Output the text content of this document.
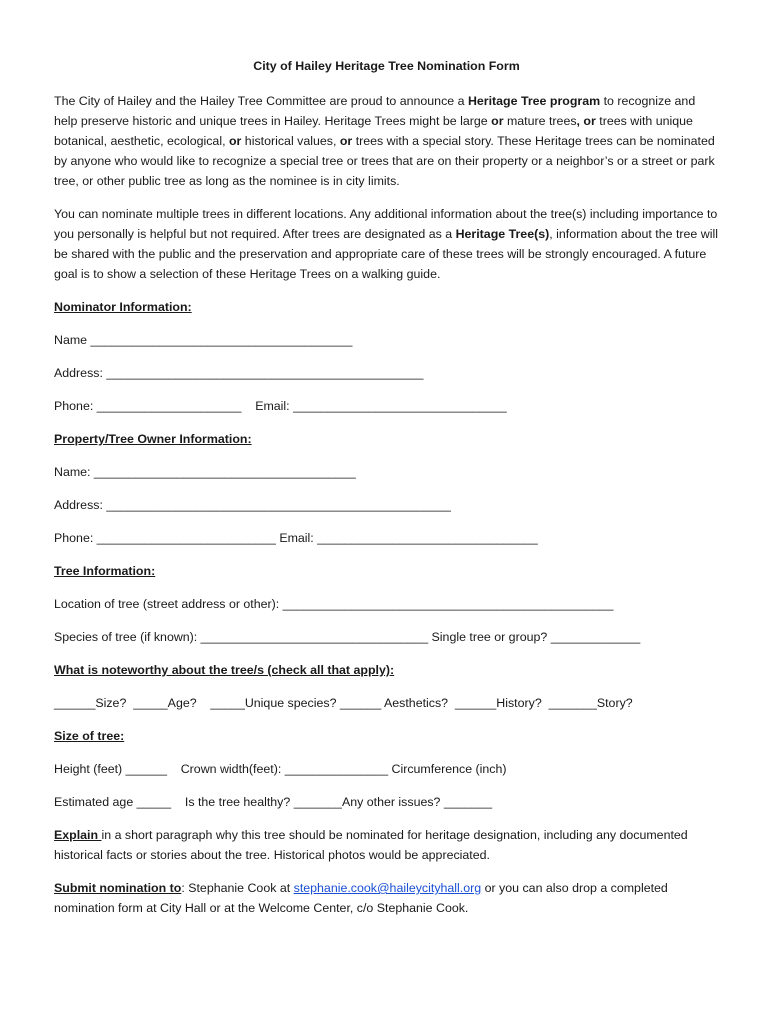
City of Hailey Heritage Tree Nomination Form

The City of Hailey and the Hailey Tree Committee are proud to announce a Heritage Tree program to recognize and help preserve historic and unique trees in Hailey. Heritage Trees might be large or mature trees, or trees with unique botanical, aesthetic, ecological, or historical values, or trees with a special story. These Heritage trees can be nominated by anyone who would like to recognize a special tree or trees that are on their property or a neighbor’s or a street or park tree, or other public tree as long as the nominee is in city limits.

You can nominate multiple trees in different locations. Any additional information about the tree(s) including importance to you personally is helpful but not required. After trees are designated as a Heritage Tree(s), information about the tree will be shared with the public and the preservation and appropriate care of these trees will be strongly encouraged. A future goal is to show a selection of these Heritage Trees on a walking guide.

Nominator Information:
Name ______________________________________
Address: ______________________________________________
Phone: _____________________    Email: _______________________________
Property/Tree Owner Information:
Name: ______________________________________
Address: __________________________________________________
Phone: __________________________ Email: ________________________________
Tree Information:
Location of tree (street address or other): ________________________________________________
Species of tree (if known): _________________________________ Single tree or group? _____________
What is noteworthy about the tree/s (check all that apply):
______Size?  _____Age?    _____Unique species? ______ Aesthetics?  ______History?  _______Story?
Size of tree:
Height (feet) ______    Crown width(feet): _______________ Circumference (inch)
Estimated age _____    Is the tree healthy? _______Any other issues? _______

Explain in a short paragraph why this tree should be nominated for heritage designation, including any documented historical facts or stories about the tree. Historical photos would be appreciated.

Submit nomination to: Stephanie Cook at stephanie.cook@haileycityhall.org or you can also drop a completed nomination form at City Hall or at the Welcome Center, c/o Stephanie Cook.
